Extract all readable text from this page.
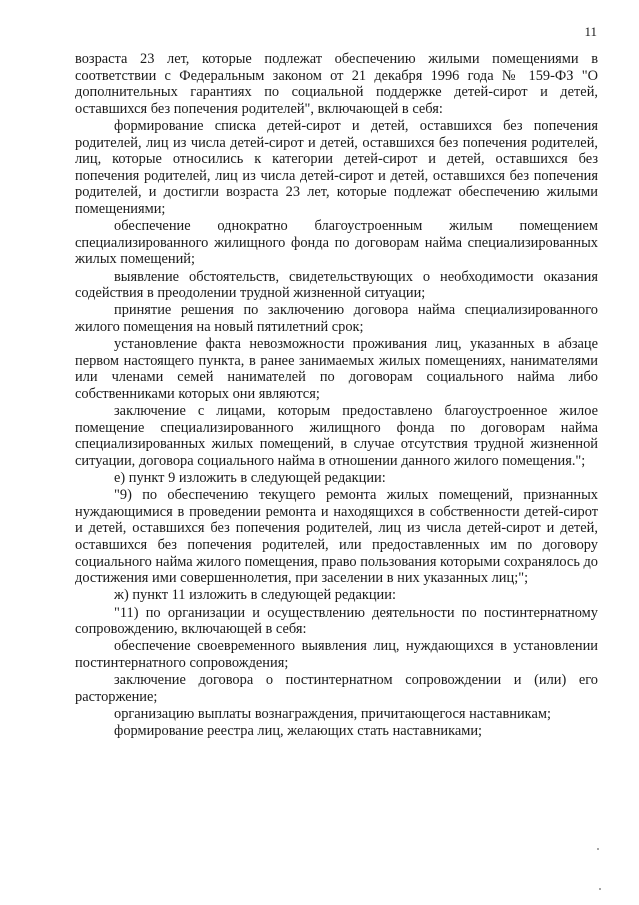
11

возраста 23 лет, которые подлежат обеспечению жилыми помещениями в соответствии с Федеральным законом от 21 декабря 1996 года № 159-ФЗ "О дополнительных гарантиях по социальной поддержке детей-сирот и детей, оставшихся без попечения родителей", включающей в себя:

формирование списка детей-сирот и детей, оставшихся без попечения родителей, лиц из числа детей-сирот и детей, оставшихся без попечения родителей, лиц, которые относились к категории детей-сирот и детей, оставшихся без попечения родителей, лиц из числа детей-сирот и детей, оставшихся без попечения родителей, и достигли возраста 23 лет, которые подлежат обеспечению жилыми помещениями;

обеспечение однократно благоустроенным жилым помещением специализированного жилищного фонда по договорам найма специализированных жилых помещений;

выявление обстоятельств, свидетельствующих о необходимости оказания содействия в преодолении трудной жизненной ситуации;

принятие решения по заключению договора найма специализированного жилого помещения на новый пятилетний срок;

установление факта невозможности проживания лиц, указанных в абзаце первом настоящего пункта, в ранее занимаемых жилых помещениях, нанимателями или членами семей нанимателей по договорам социального найма либо собственниками которых они являются;

заключение с лицами, которым предоставлено благоустроенное жилое помещение специализированного жилищного фонда по договорам найма специализированных жилых помещений, в случае отсутствия трудной жизненной ситуации, договора социального найма в отношении данного жилого помещения.";

е) пункт 9 изложить в следующей редакции:

"9) по обеспечению текущего ремонта жилых помещений, признанных нуждающимися в проведении ремонта и находящихся в собственности детей-сирот и детей, оставшихся без попечения родителей, лиц из числа детей-сирот и детей, оставшихся без попечения родителей, или предоставленных им по договору социального найма жилого помещения, право пользования которыми сохранялось до достижения ими совершеннолетия, при заселении в них указанных лиц;";

ж) пункт 11 изложить в следующей редакции:

"11) по организации и осуществлению деятельности по постинтернатному сопровождению, включающей в себя:

обеспечение своевременного выявления лиц, нуждающихся в установлении постинтернатного сопровождения;

заключение договора о постинтернатном сопровождении и (или) его расторжение;

организацию выплаты вознаграждения, причитающегося наставникам;

формирование реестра лиц, желающих стать наставниками;
